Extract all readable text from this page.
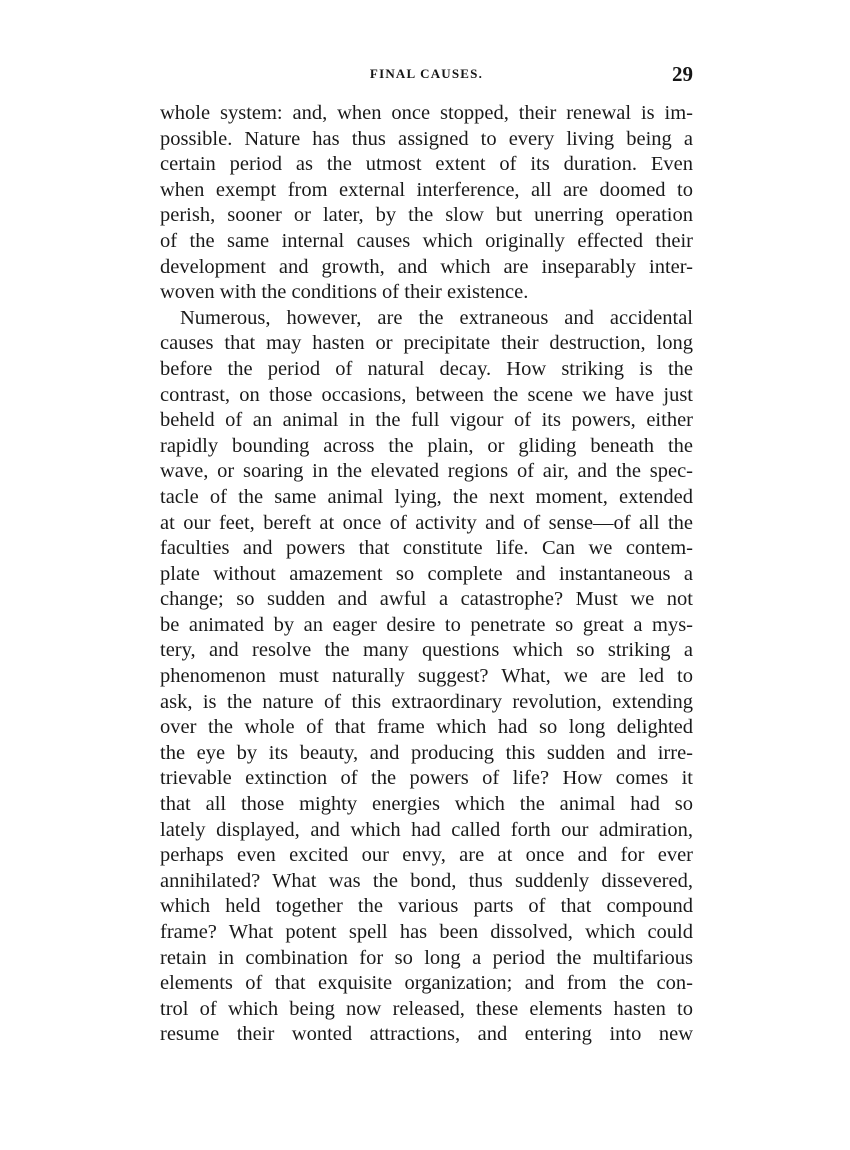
FINAL CAUSES.	29
whole system: and, when once stopped, their renewal is im-
possible. Nature has thus assigned to every living being a
certain period as the utmost extent of its duration. Even
when exempt from external interference, all are doomed to
perish, sooner or later, by the slow but unerring operation
of the same internal causes which originally effected their
development and growth, and which are inseparably inter-
woven with the conditions of their existence.
Numerous, however, are the extraneous and accidental
causes that may hasten or precipitate their destruction, long
before the period of natural decay. How striking is the
contrast, on those occasions, between the scene we have just
beheld of an animal in the full vigour of its powers, either
rapidly bounding across the plain, or gliding beneath the
wave, or soaring in the elevated regions of air, and the spec-
tacle of the same animal lying, the next moment, extended
at our feet, bereft at once of activity and of sense—of all the
faculties and powers that constitute life. Can we contem-
plate without amazement so complete and instantaneous a
change; so sudden and awful a catastrophe? Must we not
be animated by an eager desire to penetrate so great a mys-
tery, and resolve the many questions which so striking a
phenomenon must naturally suggest? What, we are led to
ask, is the nature of this extraordinary revolution, extending
over the whole of that frame which had so long delighted
the eye by its beauty, and producing this sudden and irre-
trievable extinction of the powers of life? How comes it
that all those mighty energies which the animal had so
lately displayed, and which had called forth our admiration,
perhaps even excited our envy, are at once and for ever
annihilated? What was the bond, thus suddenly dissevered,
which held together the various parts of that compound
frame? What potent spell has been dissolved, which could
retain in combination for so long a period the multifarious
elements of that exquisite organization; and from the con-
trol of which being now released, these elements hasten to
resume their wonted attractions, and entering into new
